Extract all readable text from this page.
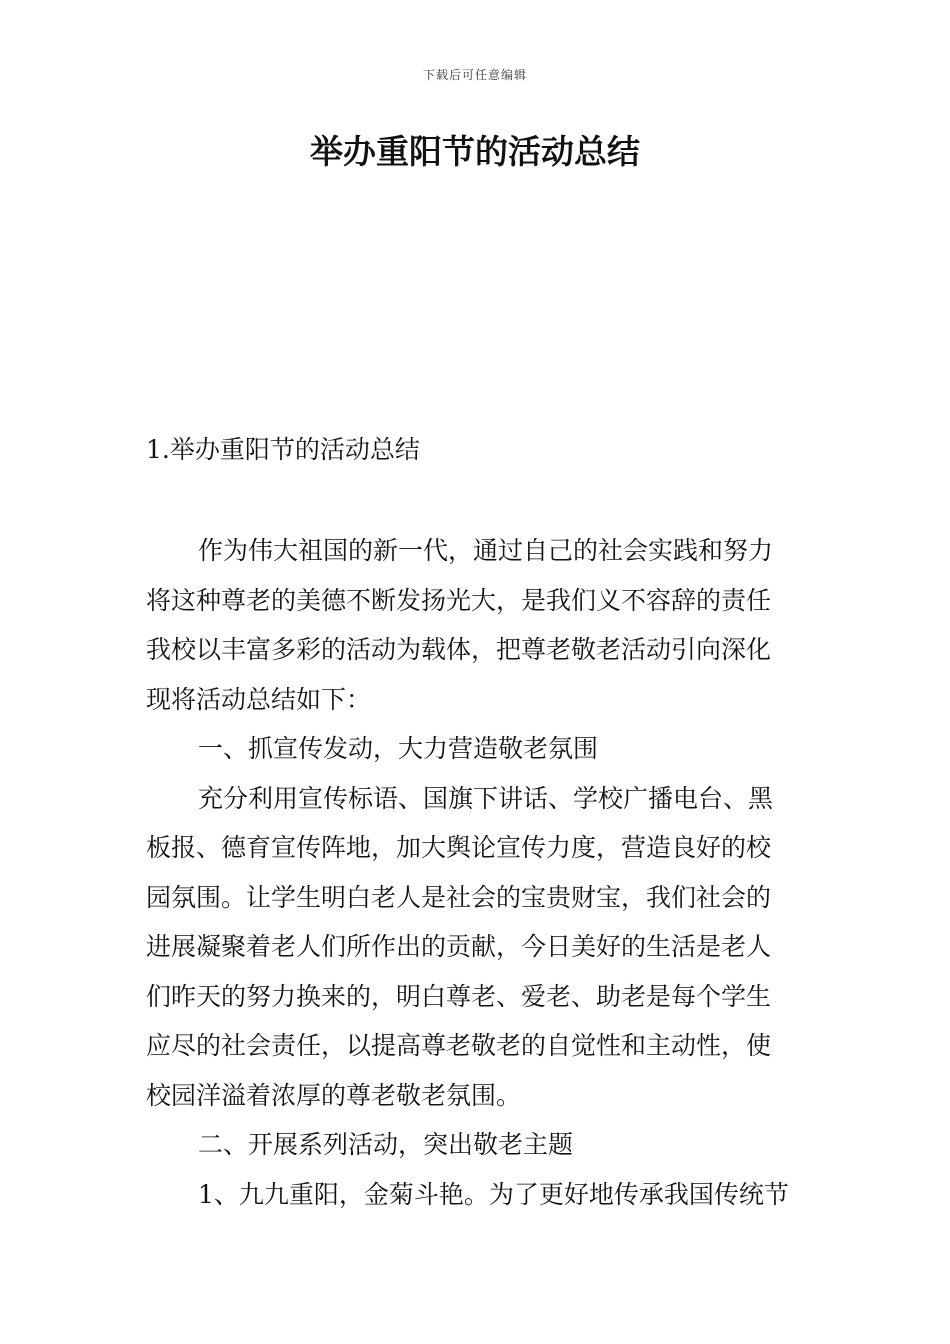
下载后可任意编辑
举办重阳节的活动总结
1.举办重阳节的活动总结
作为伟大祖国的新一代，通过自己的社会实践和努力
将这种尊老的美德不断发扬光大，是我们义不容辞的责任
我校以丰富多彩的活动为载体，把尊老敬老活动引向深化
现将活动总结如下：
一、抓宣传发动，大力营造敬老氛围
充分利用宣传标语、国旗下讲话、学校广播电台、黑
板报、德育宣传阵地，加大舆论宣传力度，营造良好的校
园氛围。让学生明白老人是社会的宝贵财宝，我们社会的
进展凝聚着老人们所作出的贡献，今日美好的生活是老人
们昨天的努力换来的，明白尊老、爱老、助老是每个学生
应尽的社会责任，以提高尊老敬老的自觉性和主动性，使
校园洋溢着浓厚的尊老敬老氛围。
二、开展系列活动，突出敬老主题
1、九九重阳，金菊斗艳。为了更好地传承我国传统节
